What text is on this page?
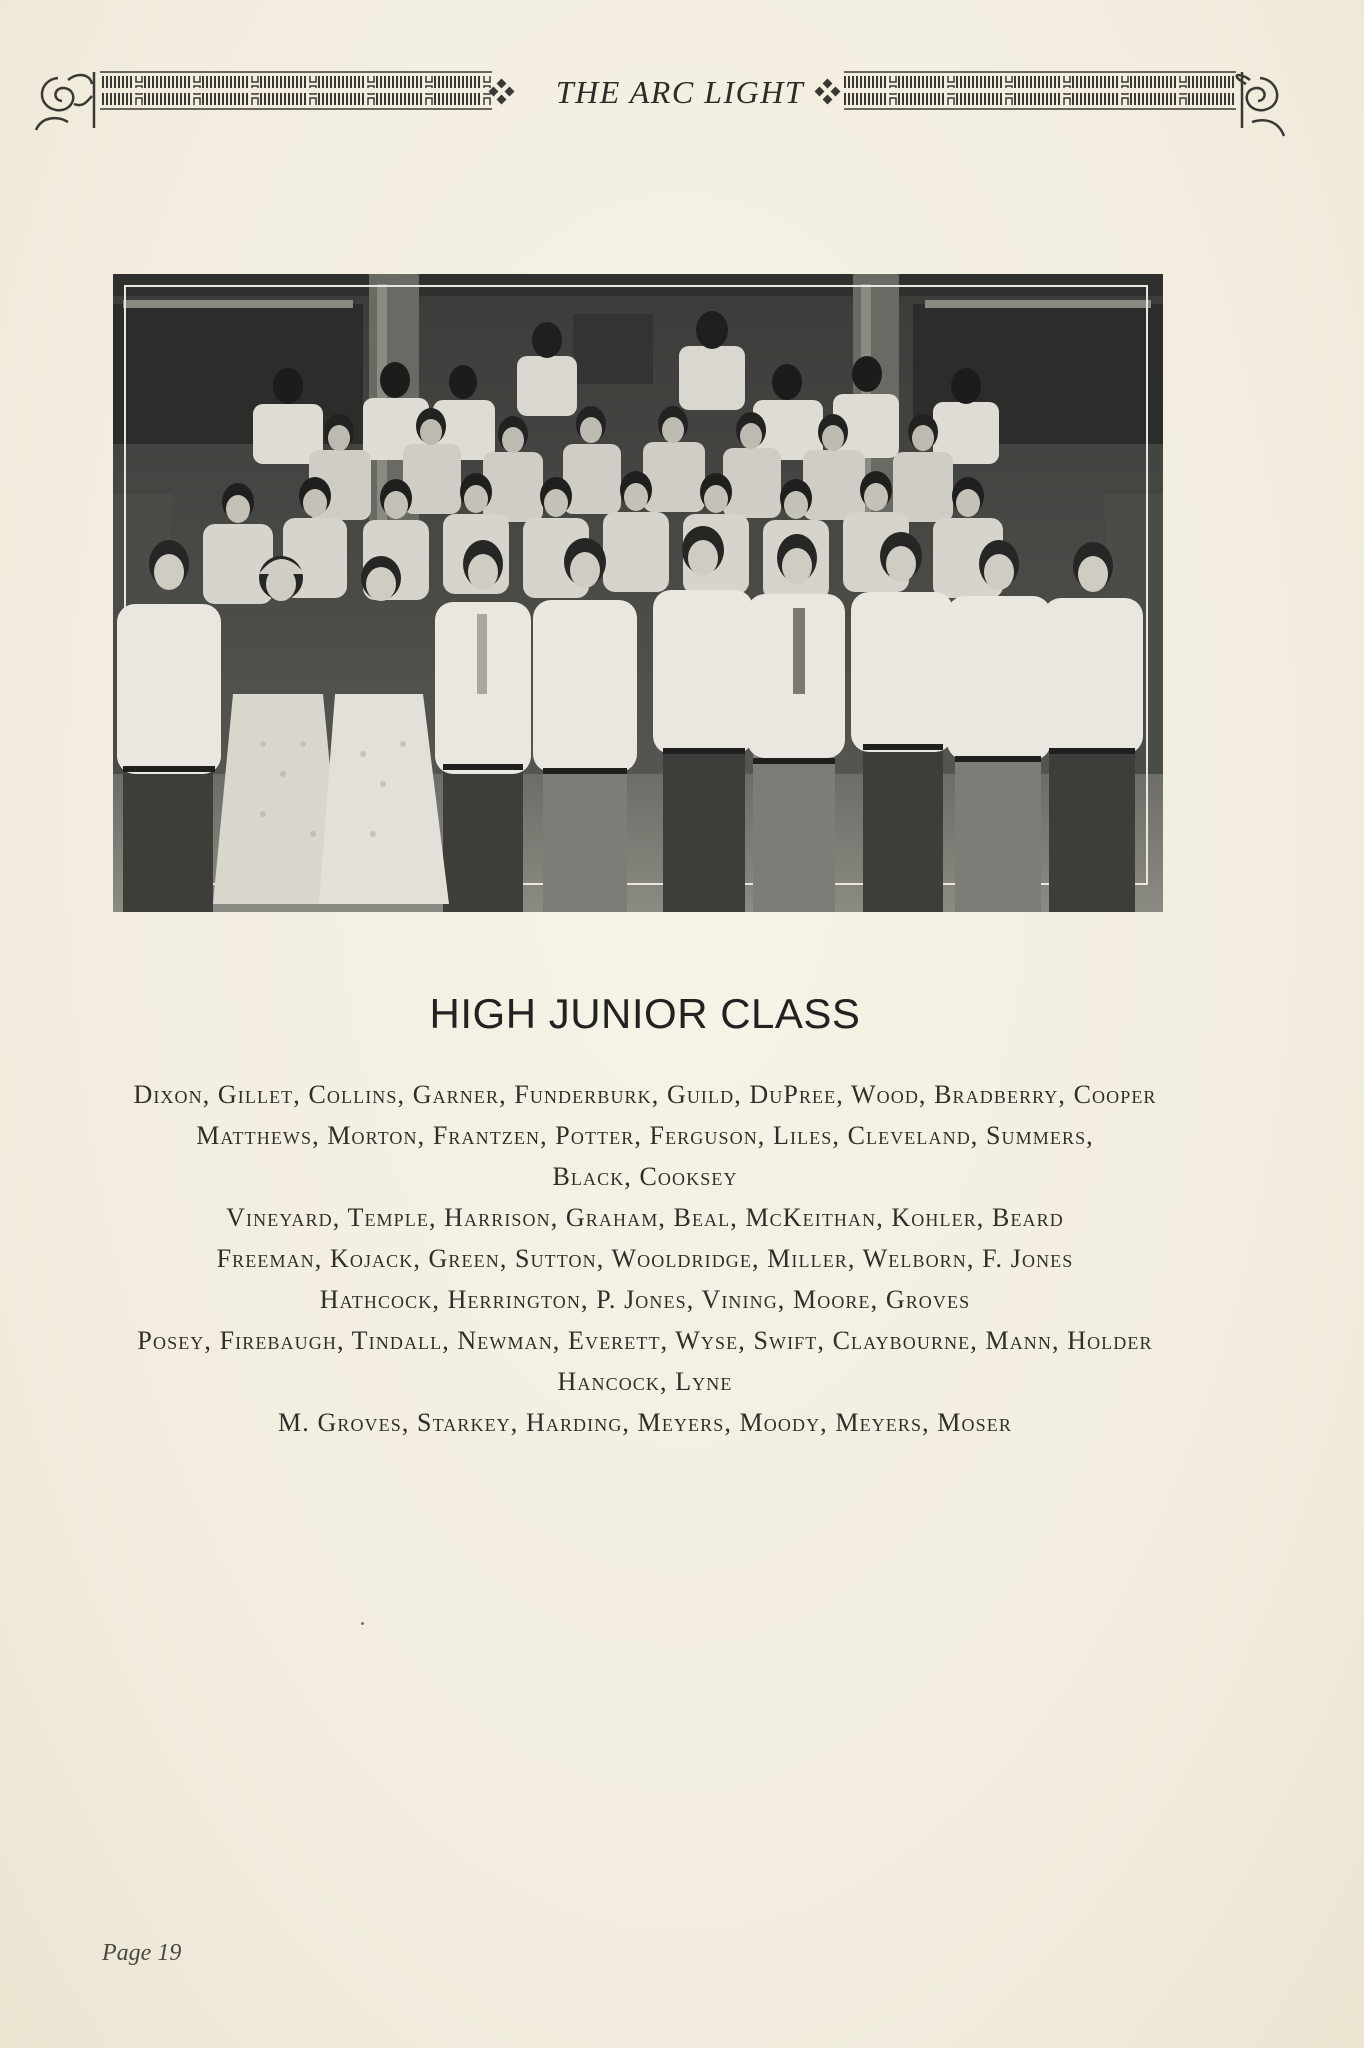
THE ARC LIGHT
HIGH JUNIOR CLASS
Dixon, Gillet, Collins, Garner, Funderburk, Guild, DuPree, Wood, Bradberry, Cooper
Matthews, Morton, Frantzen, Potter, Ferguson, Liles, Cleveland, Summers,
Black, Cooksey
Vineyard, Temple, Harrison, Graham, Beal, McKeithan, Kohler, Beard
Freeman, Kojack, Green, Sutton, Wooldridge, Miller, Welborn, F. Jones
Hathcock, Herrington, P. Jones, Vining, Moore, Groves
Posey, Firebaugh, Tindall, Newman, Everett, Wyse, Swift, Claybourne, Mann, Holder
Hancock, Lyne
M. Groves, Starkey, Harding, Meyers, Moody, Meyers, Moser
Page 19
